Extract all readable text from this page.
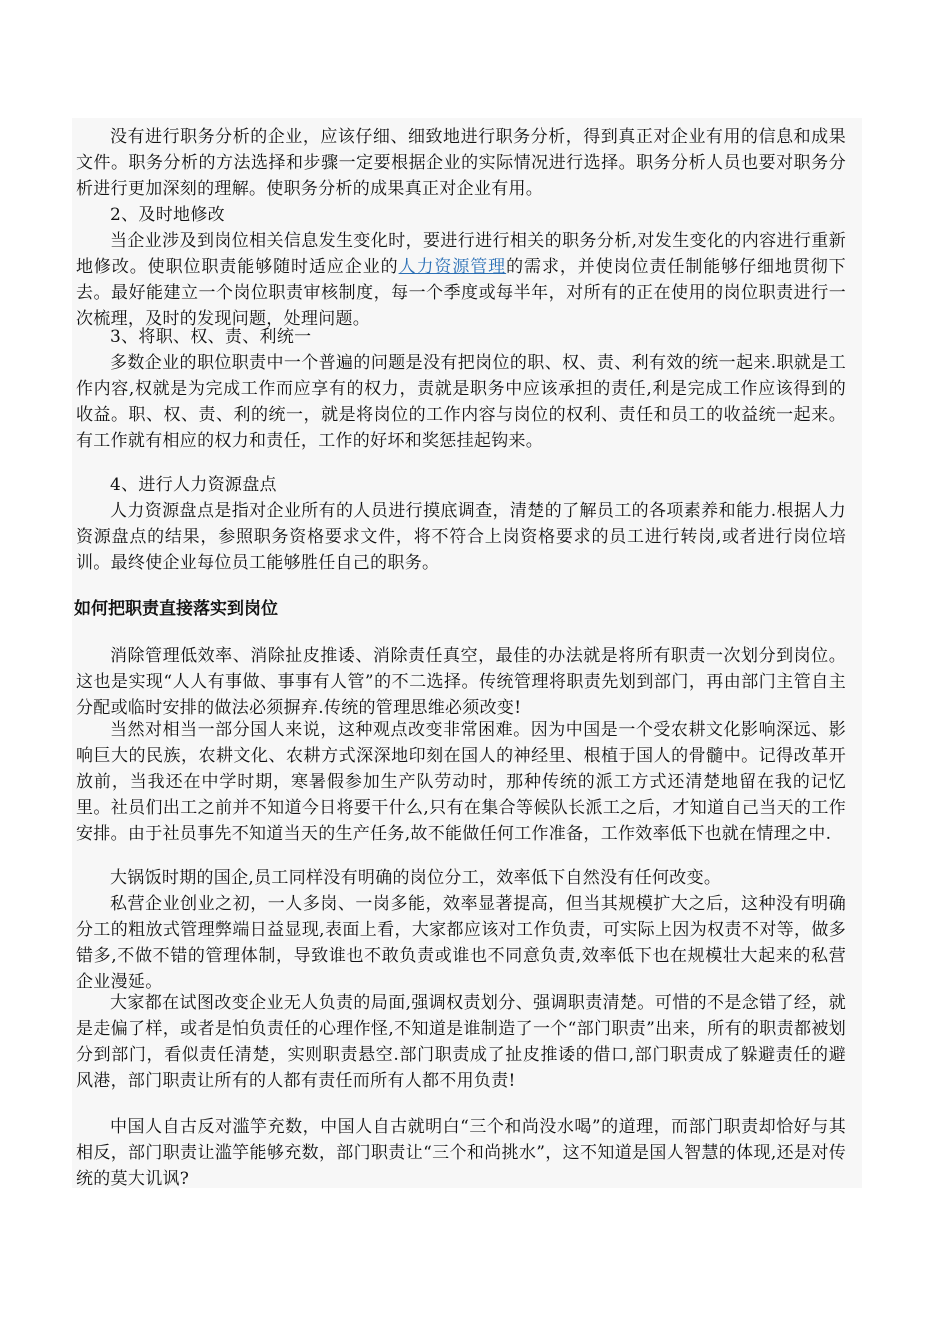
没有进行职务分析的企业，应该仔细、细致地进行职务分析，得到真正对企业有用的信息和成果文件。职务分析的方法选择和步骤一定要根据企业的实际情况进行选择。职务分析人员也要对职务分析进行更加深刻的理解。使职务分析的成果真正对企业有用。

2、及时地修改

当企业涉及到岗位相关信息发生变化时，要进行进行相关的职务分析,对发生变化的内容进行重新地修改。使职位职责能够随时适应企业的人力资源管理的需求，并使岗位责任制能够仔细地贯彻下去。最好能建立一个岗位职责审核制度，每一个季度或每半年，对所有的正在使用的岗位职责进行一次梳理，及时的发现问题，处理问题。

3、将职、权、责、利统一

多数企业的职位职责中一个普遍的问题是没有把岗位的职、权、责、利有效的统一起来.职就是工作内容,权就是为完成工作而应享有的权力，责就是职务中应该承担的责任,利是完成工作应该得到的收益。职、权、责、利的统一，就是将岗位的工作内容与岗位的权利、责任和员工的收益统一起来。有工作就有相应的权力和责任，工作的好坏和奖惩挂起钩来。

4、进行人力资源盘点

人力资源盘点是指对企业所有的人员进行摸底调查，清楚的了解员工的各项素养和能力.根据人力资源盘点的结果，参照职务资格要求文件，将不符合上岗资格要求的员工进行转岗,或者进行岗位培训。最终使企业每位员工能够胜任自己的职务。

如何把职责直接落实到岗位

消除管理低效率、消除扯皮推诿、消除责任真空，最佳的办法就是将所有职责一次划分到岗位。这也是实现“人人有事做、事事有人管”的不二选择。传统管理将职责先划到部门，再由部门主管自主分配或临时安排的做法必须摒弃.传统的管理思维必须改变!

当然对相当一部分国人来说，这种观点改变非常困难。因为中国是一个受农耕文化影响深远、影响巨大的民族，农耕文化、农耕方式深深地印刻在国人的神经里、根植于国人的骨髓中。记得改革开放前，当我还在中学时期，寒暑假参加生产队劳动时，那种传统的派工方式还清楚地留在我的记忆里。社员们出工之前并不知道今日将要干什么,只有在集合等候队长派工之后，才知道自己当天的工作安排。由于社员事先不知道当天的生产任务,故不能做任何工作准备，工作效率低下也就在情理之中.

大锅饭时期的国企,员工同样没有明确的岗位分工，效率低下自然没有任何改变。

私营企业创业之初，一人多岗、一岗多能，效率显著提高，但当其规模扩大之后，这种没有明确分工的粗放式管理弊端日益显现,表面上看，大家都应该对工作负责，可实际上因为权责不对等，做多错多,不做不错的管理体制，导致谁也不敢负责或谁也不同意负责,效率低下也在规模壮大起来的私营企业漫延。

大家都在试图改变企业无人负责的局面,强调权责划分、强调职责清楚。可惜的不是念错了经，就是走偏了样，或者是怕负责任的心理作怪,不知道是谁制造了一个“部门职责”出来，所有的职责都被划分到部门，看似责任清楚，实则职责悬空.部门职责成了扯皮推诿的借口,部门职责成了躲避责任的避风港，部门职责让所有的人都有责任而所有人都不用负责!

中国人自古反对滥竽充数，中国人自古就明白“三个和尚没水喝”的道理，而部门职责却恰好与其相反，部门职责让滥竽能够充数，部门职责让“三个和尚挑水”，这不知道是国人智慧的体现,还是对传统的莫大讥讽?
